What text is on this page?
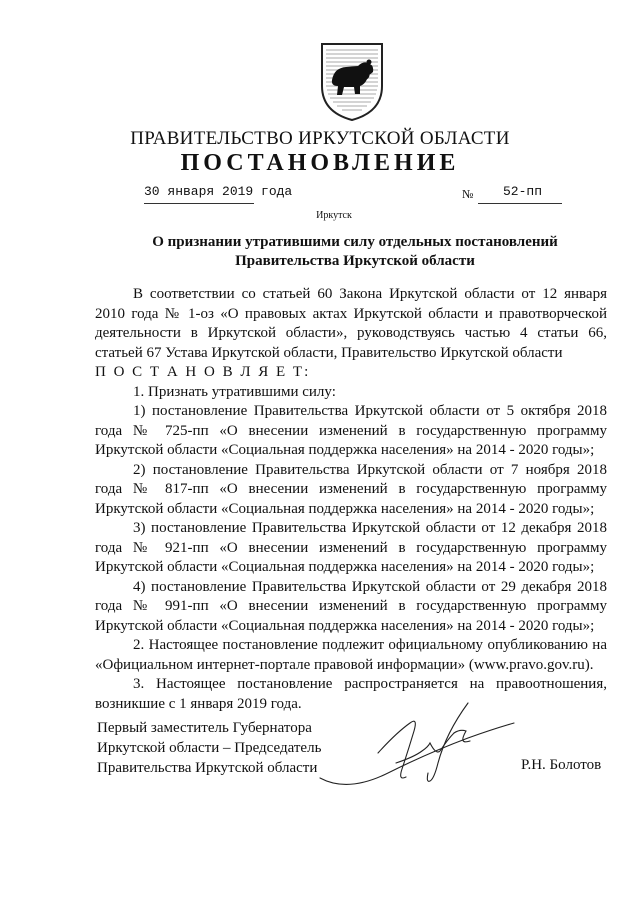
ПРАВИТЕЛЬСТВО ИРКУТСКОЙ ОБЛАСТИ
ПОСТАНОВЛЕНИЕ
30 января 2019 года	№ 52-пп
Иркутск
О признании утратившими силу отдельных постановлений
Правительства Иркутской области

В соответствии со статьей 60 Закона Иркутской области от 12 января 2010 года № 1-оз «О правовых актах Иркутской области и правотворческой деятельности в Иркутской области», руководствуясь частью 4 статьи 66, статьей 67 Устава Иркутской области, Правительство Иркутской области

П О С Т А Н О В Л Я Е Т:

1. Признать утратившими силу:

1) постановление Правительства Иркутской области от 5 октября 2018 года № 725-пп «О внесении изменений в государственную программу Иркутской области «Социальная поддержка населения» на 2014 - 2020 годы»;

2) постановление Правительства Иркутской области от 7 ноября 2018 года № 817-пп «О внесении изменений в государственную программу Иркутской области «Социальная поддержка населения» на 2014 - 2020 годы»;

3) постановление Правительства Иркутской области от 12 декабря 2018 года № 921-пп «О внесении изменений в государственную программу Иркутской области «Социальная поддержка населения» на 2014 - 2020 годы»;

4) постановление Правительства Иркутской области от 29 декабря 2018 года № 991-пп «О внесении изменений в государственную программу Иркутской области «Социальная поддержка населения» на 2014 - 2020 годы»;

2. Настоящее постановление подлежит официальному опубликованию на «Официальном интернет-портале правовой информации» (www.pravo.gov.ru).

3. Настоящее постановление распространяется на правоотношения, возникшие с 1 января 2019 года.

Первый заместитель Губернатора
Иркутской области – Председатель
Правительства Иркутской области	Р.Н. Болотов
